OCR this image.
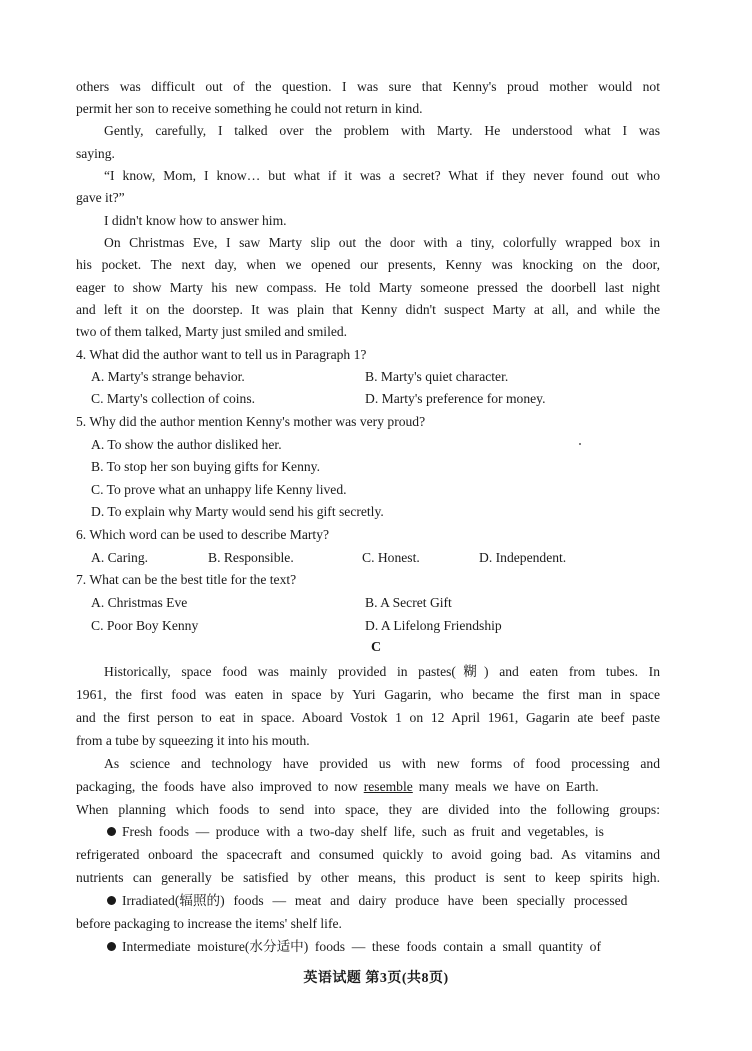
others was difficult out of the question. I was sure that Kenny's proud mother would not
permit her son to receive something he could not return in kind.
Gently, carefully, I talked over the problem with Marty. He understood what I was
saying.
“I know, Mom, I know… but what if it was a secret? What if they never found out who
gave it?”
I didn't know how to answer him.
On Christmas Eve, I saw Marty slip out the door with a tiny, colorfully wrapped box in
his pocket. The next day, when we opened our presents, Kenny was knocking on the door,
eager to show Marty his new compass. He told Marty someone pressed the doorbell last night
and left it on the doorstep. It was plain that Kenny didn't suspect Marty at all, and while the
two of them talked, Marty just smiled and smiled.
4. What did the author want to tell us in Paragraph 1?
A. Marty's strange behavior.	B. Marty's quiet character.
C. Marty's collection of coins.	D. Marty's preference for money.
5. Why did the author mention Kenny's mother was very proud?
A. To show the author disliked her.
B. To stop her son buying gifts for Kenny.
C. To prove what an unhappy life Kenny lived.
D. To explain why Marty would send his gift secretly.
6. Which word can be used to describe Marty?
A. Caring.	B. Responsible.	C. Honest.	D. Independent.
7. What can be the best title for the text?
A. Christmas Eve	B. A Secret Gift
C. Poor Boy Kenny	D. A Lifelong Friendship
C
Historically, space food was mainly provided in pastes(糊) and eaten from tubes. In
1961, the first food was eaten in space by Yuri Gagarin, who became the first man in space
and the first person to eat in space. Aboard Vostok 1 on 12 April 1961, Gagarin ate beef paste
from a tube by squeezing it into his mouth.
As science and technology have provided us with new forms of food processing and
packaging, the foods have also improved to now resemble many meals we have on Earth.
When planning which foods to send into space, they are divided into the following groups:
Fresh foods — produce with a two-day shelf life, such as fruit and vegetables, is
refrigerated onboard the spacecraft and consumed quickly to avoid going bad. As vitamins and
nutrients can generally be satisfied by other means, this product is sent to keep spirits high.
Irradiated(辐照的) foods — meat and dairy produce have been specially processed
before packaging to increase the items' shelf life.
Intermediate moisture(水分适中) foods — these foods contain a small quantity of
英语试题 第3页(共8页)
